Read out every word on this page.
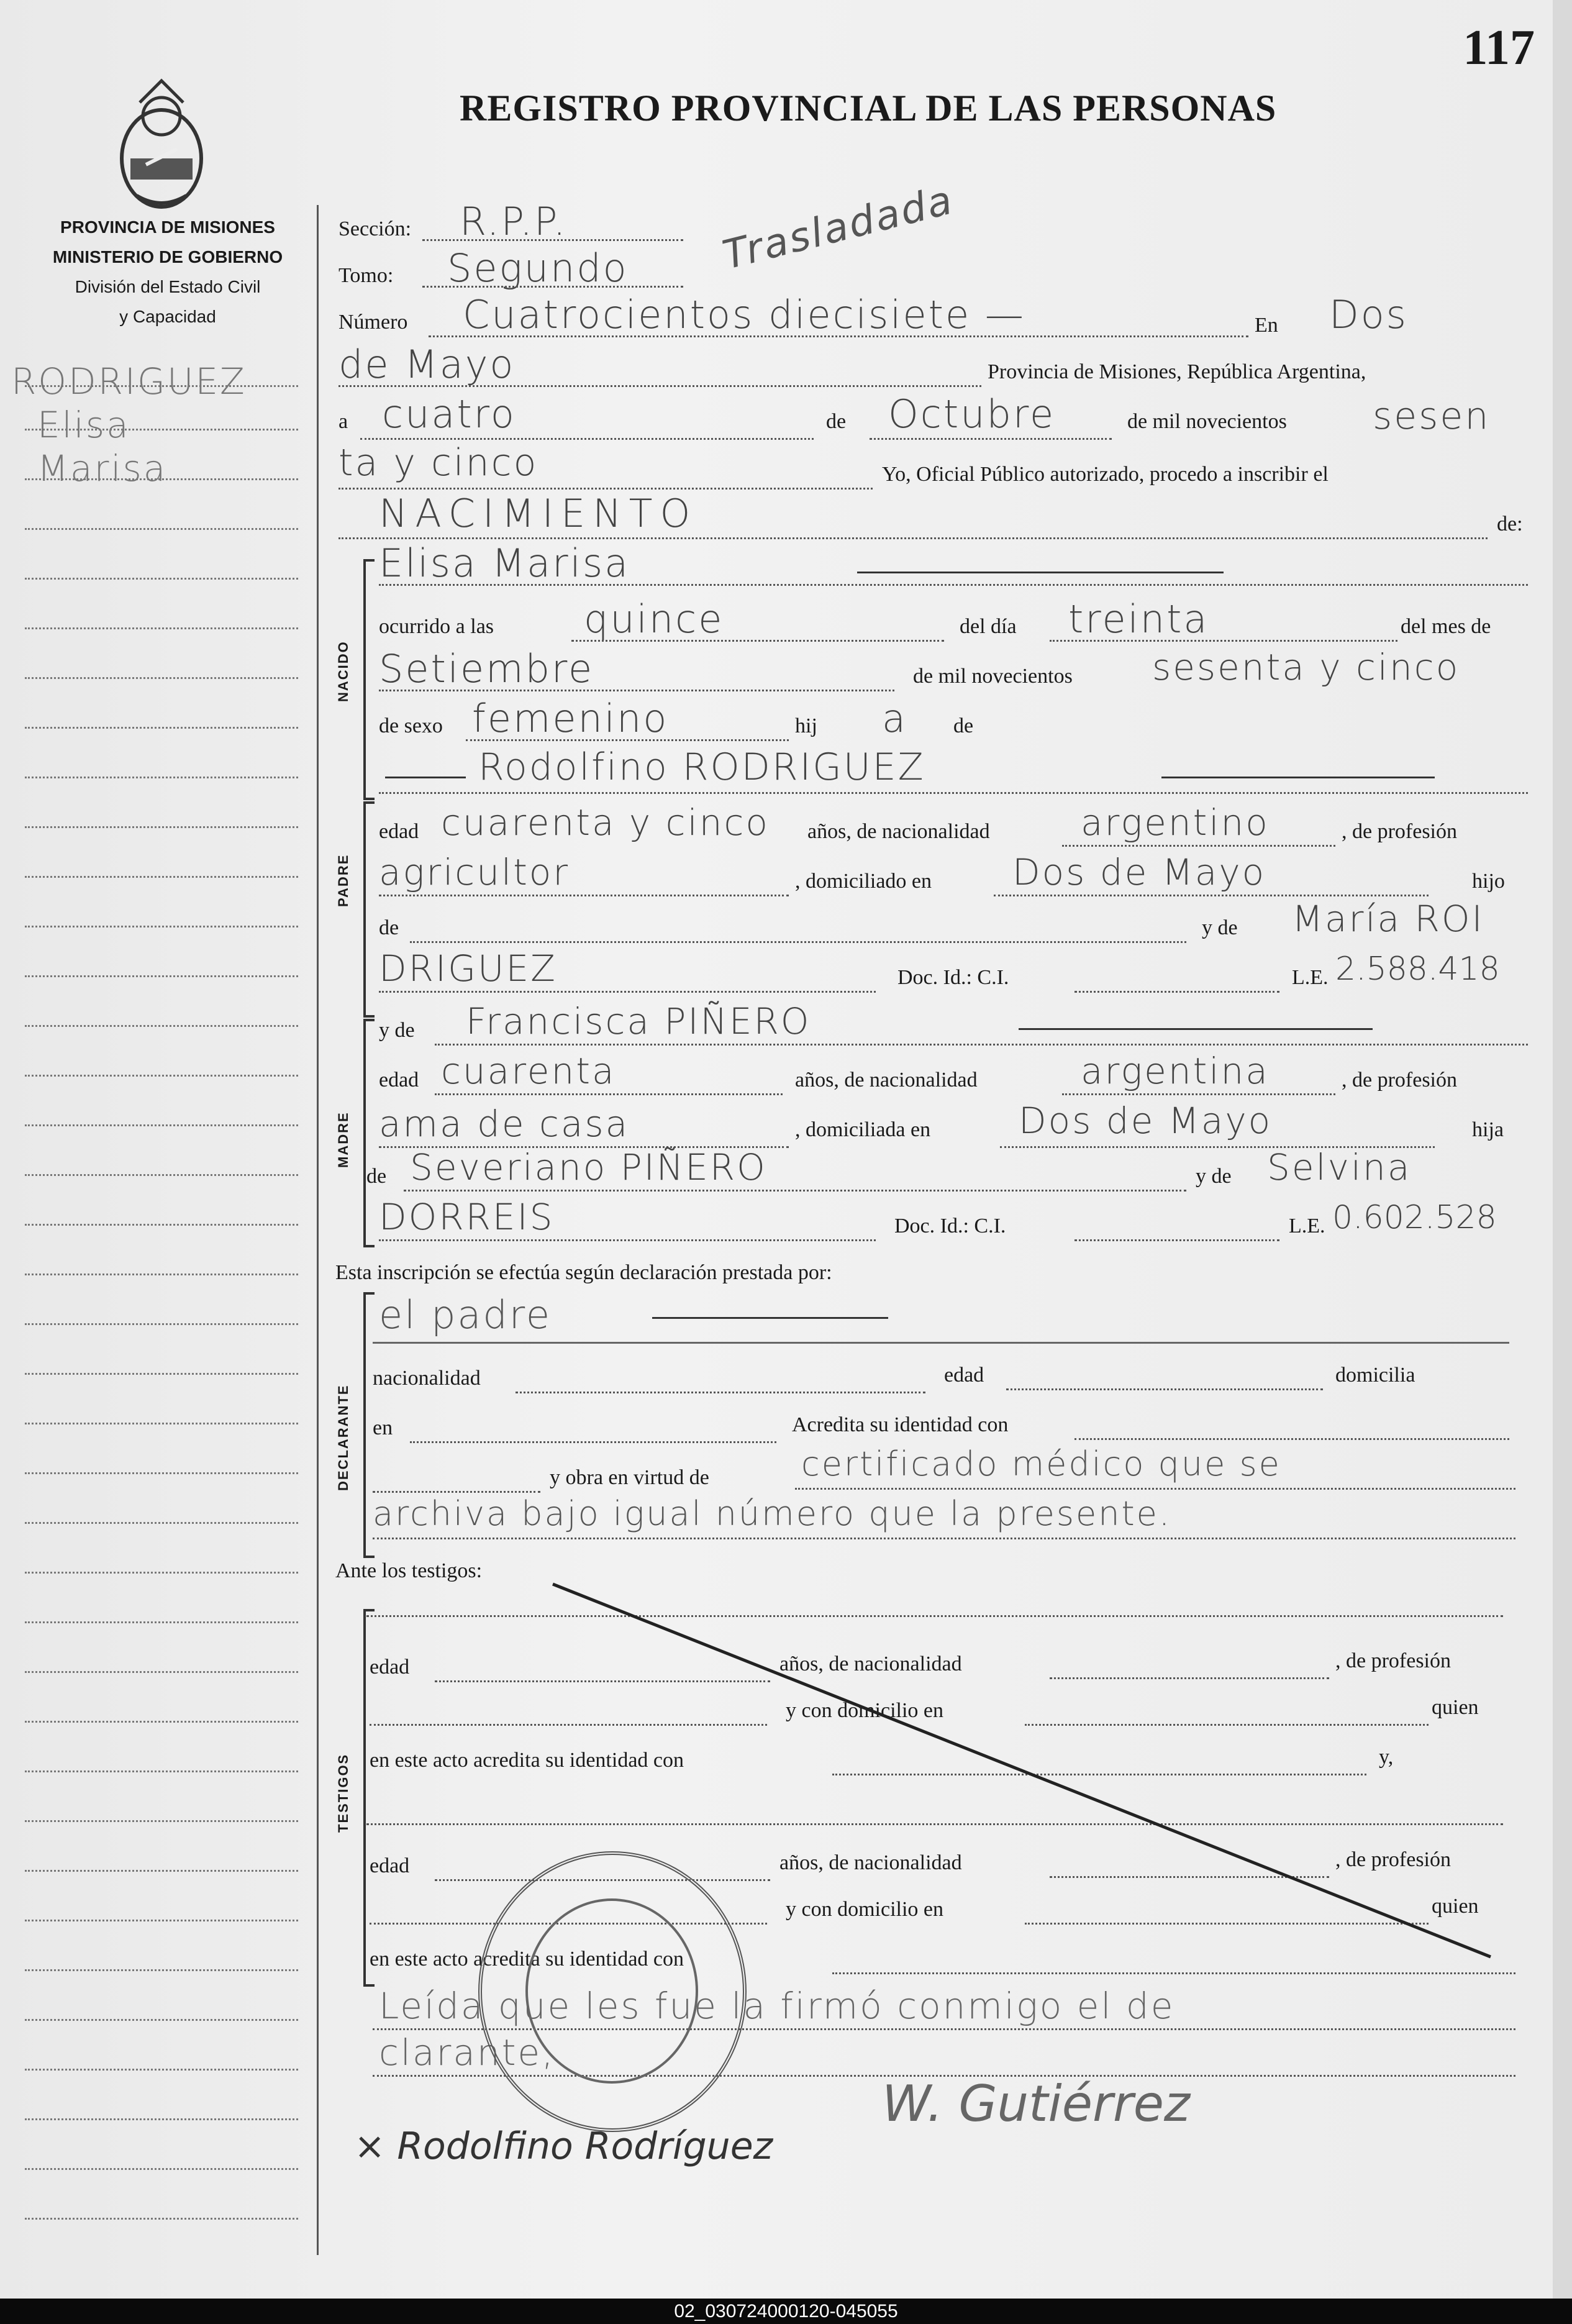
117
REGISTRO PROVINCIAL DE LAS PERSONAS
PROVINCIA DE MISIONES
MINISTERIO DE GOBIERNO
División del Estado Civil
y Capacidad
RODRIGUEZ
Elisa
Marisa
Trasladada
Sección: R.P.P.
Tomo: Segundo
Número Cuatrocientos diecisiete —	En Dos
de Mayo	Provincia de Misiones, República Argentina,
a cuatro	de Octubre	de mil novecientos sesen
ta y cinco	Yo, Oficial Público autorizado, procedo a inscribir el
NACIMIENTO	de:
NACIDO
Elisa Marisa
ocurrido a las quince	del día treinta	del mes de
Setiembre	de mil novecientos sesenta y cinco
de sexo femenino	hij a de
Rodolfino RODRIGUEZ
PADRE
edad cuarenta y cinco años, de nacionalidad	argentino	, de profesión
agricultor	, domiciliado en Dos de Mayo	hijo
de	y de María ROI
DRIGUEZ	Doc. Id.: C.I.	L.E. 2.588.418
MADRE
y de Francisca PIÑERO
edad cuarenta	años, de nacionalidad	argentina	, de profesión
ama de casa	, domiciliada en Dos de Mayo	hija
de Severiano PIÑERO	y de Selvina
DORREIS	Doc. Id.: C.I.	L.E. 0.602.528
Esta inscripción se efectúa según declaración prestada por:
DECLARANTE
el padre
nacionalidad	edad	domicilia
en	Acredita su identidad con
y obra en virtud de	certificado médico que se
archiva bajo igual número que la presente.
Ante los testigos:
TESTIGOS
edad	años, de nacionalidad	, de profesión
y con domicilio en	quien
en este acto acredita su identidad con	y,
edad	años, de nacionalidad	, de profesión
y con domicilio en	quien
en este acto acredita su identidad con
Leída que les fue la firmó conmigo el de
clarante,
× Rodolfino Rodríguez
W. Gutiérrez
02_030724000120-045055
